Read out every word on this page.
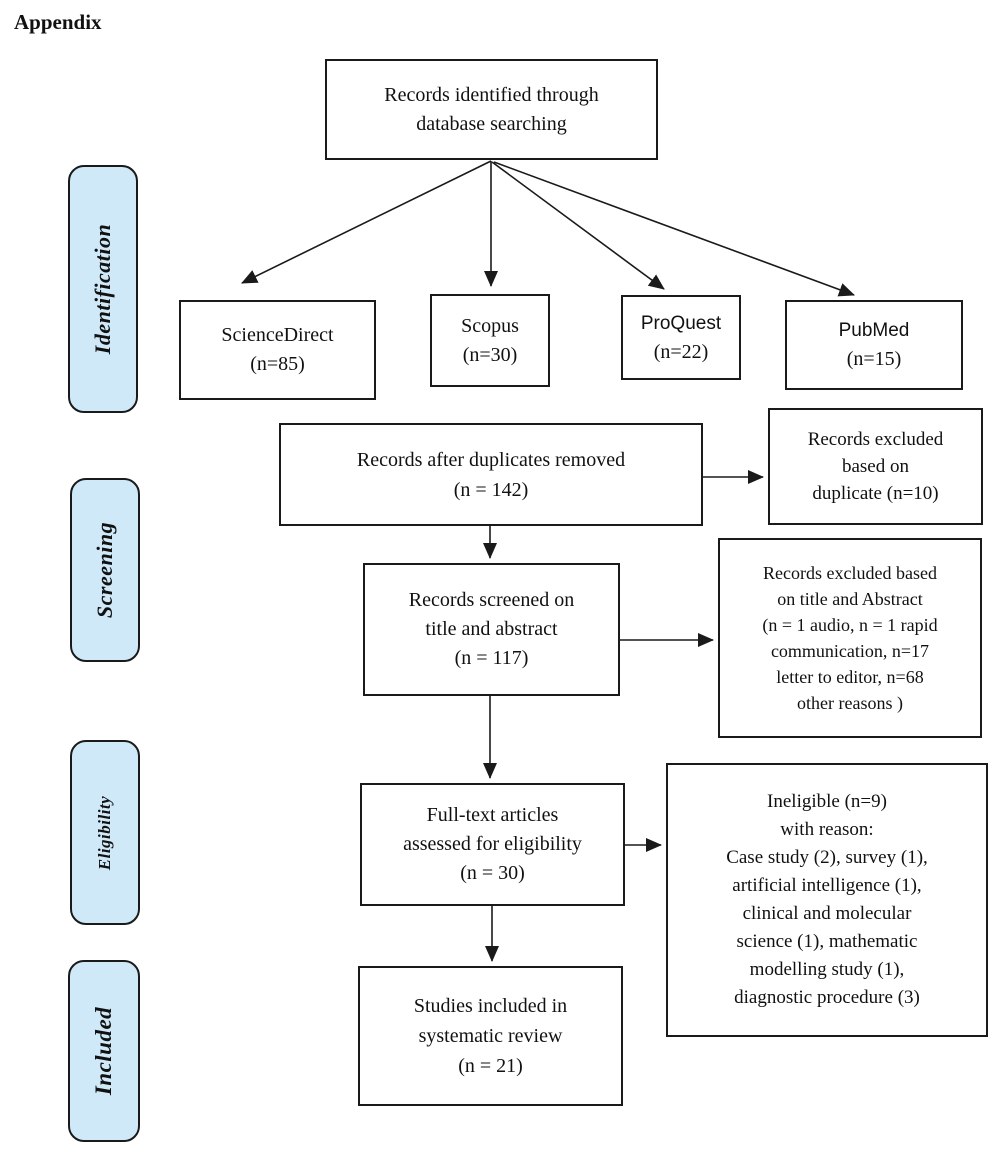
Appendix
Identification
Screening
Eligibility
Included
Records identified through
database searching
ScienceDirect
(n=85)
Scopus
(n=30)
ProQuest
(n=22)
PubMed
(n=15)
Records after duplicates removed
(n = 142)
Records excluded
based on
duplicate (n=10)
Records screened on
title and abstract
(n = 117)
Records excluded based
on title and Abstract
(n = 1 audio, n = 1 rapid
communication, n=17
letter to editor, n=68
other reasons )
Full-text articles
assessed for eligibility
(n = 30)
Ineligible (n=9)
with reason:
Case study (2), survey (1),
artificial intelligence (1),
clinical and molecular
science (1), mathematic
modelling study (1),
diagnostic procedure (3)
Studies included in
systematic review
(n = 21)
